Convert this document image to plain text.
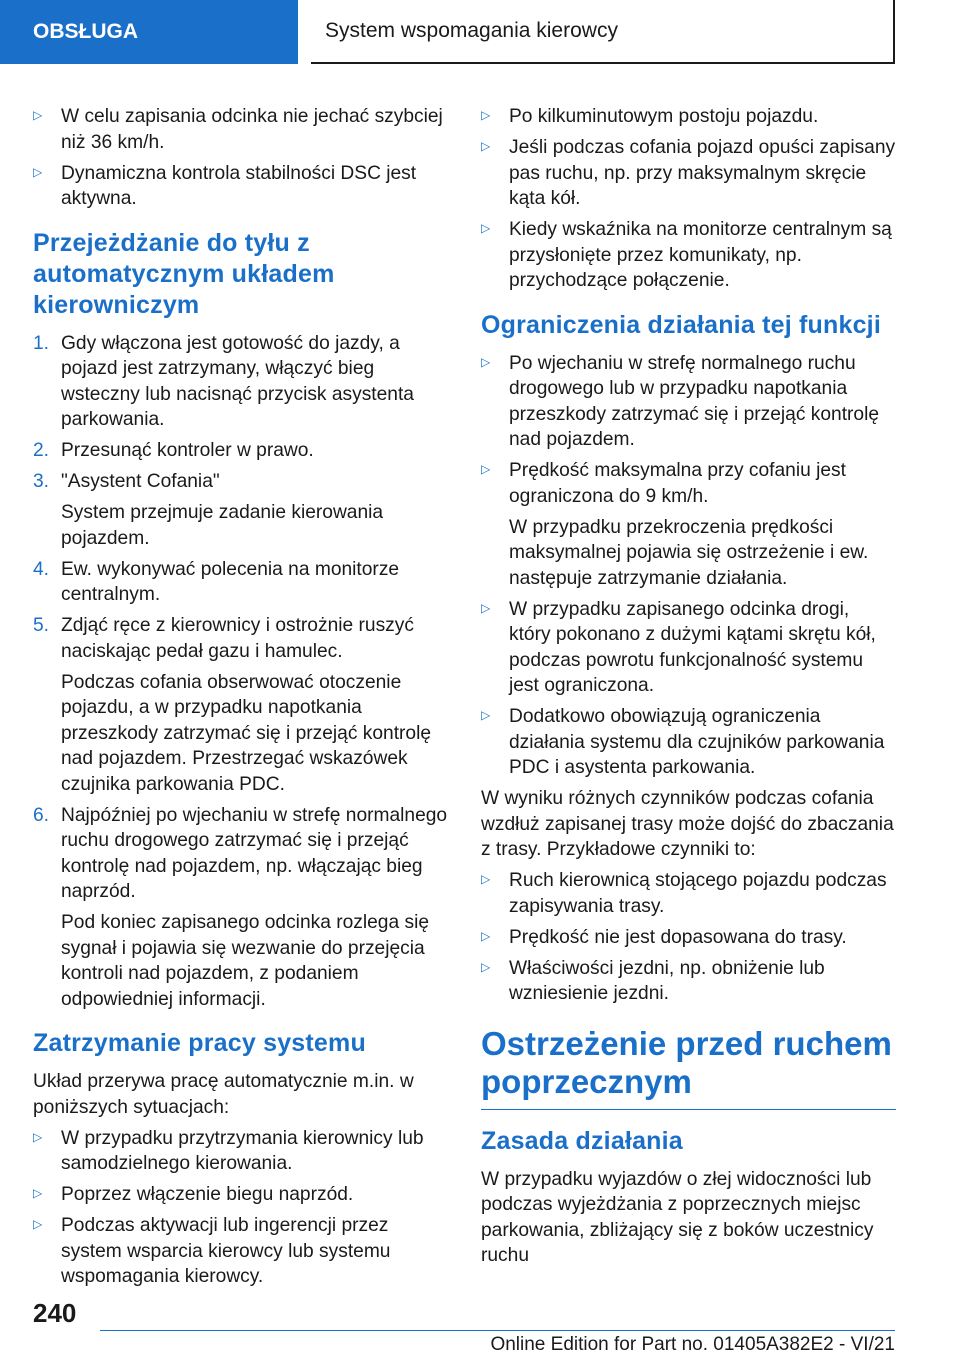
OBSŁUGA	System wspomagania kierowcy
▷ W celu zapisania odcinka nie jechać szybciej niż 36 km/h.
▷ Dynamiczna kontrola stabilności DSC jest aktywna.
Przejeżdżanie do tyłu z automatycznym układem kierowniczym
1. Gdy włączona jest gotowość do jazdy, a pojazd jest zatrzymany, włączyć bieg wsteczny lub nacisnąć przycisk asystenta parkowania.
2. Przesunąć kontroler w prawo.
3. "Asystent Cofania"
System przejmuje zadanie kierowania pojazdem.
4. Ew. wykonywać polecenia na monitorze centralnym.
5. Zdjąć ręce z kierownicy i ostrożnie ruszyć naciskając pedał gazu i hamulec.
Podczas cofania obserwować otoczenie pojazdu, a w przypadku napotkania przeszkody zatrzymać się i przejąć kontrolę nad pojazdem. Przestrzegać wskazówek czujnika parkowania PDC.
6. Najpóźniej po wjechaniu w strefę normalnego ruchu drogowego zatrzymać się i przejąć kontrolę nad pojazdem, np. włączając bieg naprzód.
Pod koniec zapisanego odcinka rozlega się sygnał i pojawia się wezwanie do przejęcia kontroli nad pojazdem, z podaniem odpowiedniej informacji.
Zatrzymanie pracy systemu

Układ przerywa pracę automatycznie m.in. w poniższych sytuacjach:

▷ W przypadku przytrzymania kierownicy lub samodzielnego kierowania.
▷ Poprzez włączenie biegu naprzód.
▷ Podczas aktywacji lub ingerencji przez system wsparcia kierowcy lub systemu wspomagania kierowcy.
▷ Po kilkuminutowym postoju pojazdu.
▷ Jeśli podczas cofania pojazd opuści zapisany pas ruchu, np. przy maksymalnym skręcie kąta kół.
▷ Kiedy wskaźnika na monitorze centralnym są przysłonięte przez komunikaty, np. przychodzące połączenie.
Ograniczenia działania tej funkcji
▷ Po wjechaniu w strefę normalnego ruchu drogowego lub w przypadku napotkania przeszkody zatrzymać się i przejąć kontrolę nad pojazdem.
▷ Prędkość maksymalna przy cofaniu jest ograniczona do 9 km/h.
W przypadku przekroczenia prędkości maksymalnej pojawia się ostrzeżenie i ew. następuje zatrzymanie działania.
▷ W przypadku zapisanego odcinka drogi, który pokonano z dużymi kątami skrętu kół, podczas powrotu funkcjonalność systemu jest ograniczona.
▷ Dodatkowo obowiązują ograniczenia działania systemu dla czujników parkowania PDC i asystenta parkowania.

W wyniku różnych czynników podczas cofania wzdłuż zapisanej trasy może dojść do zbaczania z trasy. Przykładowe czynniki to:

▷ Ruch kierownicą stojącego pojazdu podczas zapisywania trasy.
▷ Prędkość nie jest dopasowana do trasy.
▷ Właściwości jezdni, np. obniżenie lub wzniesienie jezdni.
Ostrzeżenie przed ruchem poprzecznym
Zasada działania

W przypadku wyjazdów o złej widoczności lub podczas wyjeżdżania z poprzecznych miejsc parkowania, zbliżający się z boków uczestnicy ruchu

240
Online Edition for Part no. 01405A382E2 - VI/21
